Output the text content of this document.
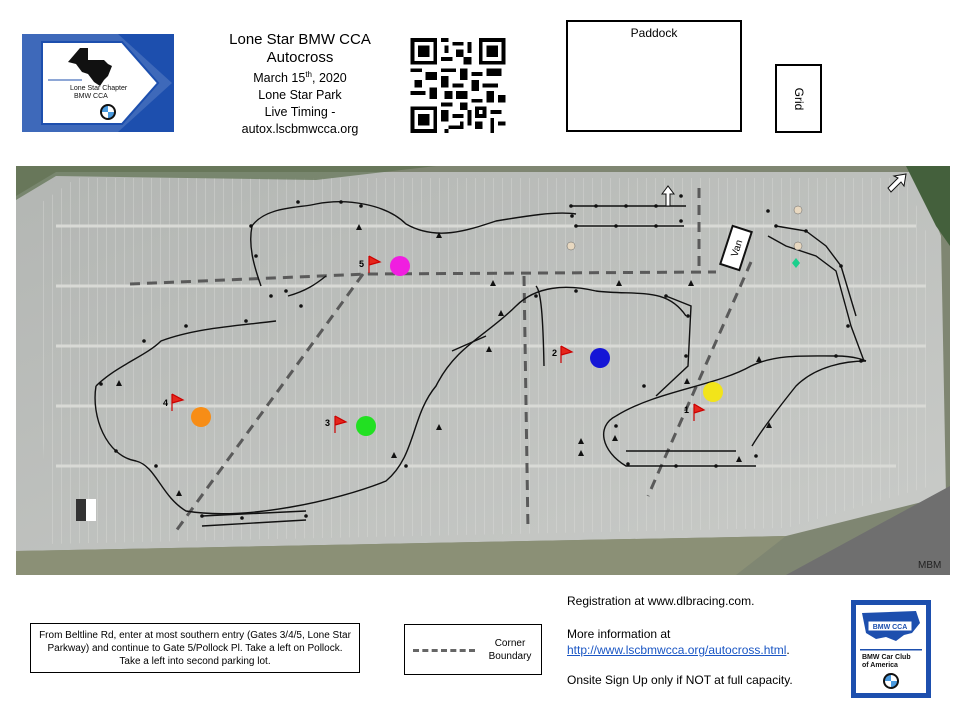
Lone Star Chapter
BMW CCA
Lone Star BMW CCA
Autocross
March 15th, 2020
Lone Star Park
Live Timing -
autox.lscbmwcca.org
Paddock
Grid
Van
1
2
3
4
5
MBM
From Beltline Rd, enter at most southern entry (Gates 3/4/5, Lone Star Parkway) and continue to Gate 5/Pollock Pl. Take a left on Pollock. Take a left into second parking lot.
Corner
Boundary
Registration at www.dlbracing.com.
More information at
http://www.lscbmwcca.org/autocross.html.
Onsite Sign Up only if NOT at full capacity.
BMW CCA
BMW Car Club
of America
